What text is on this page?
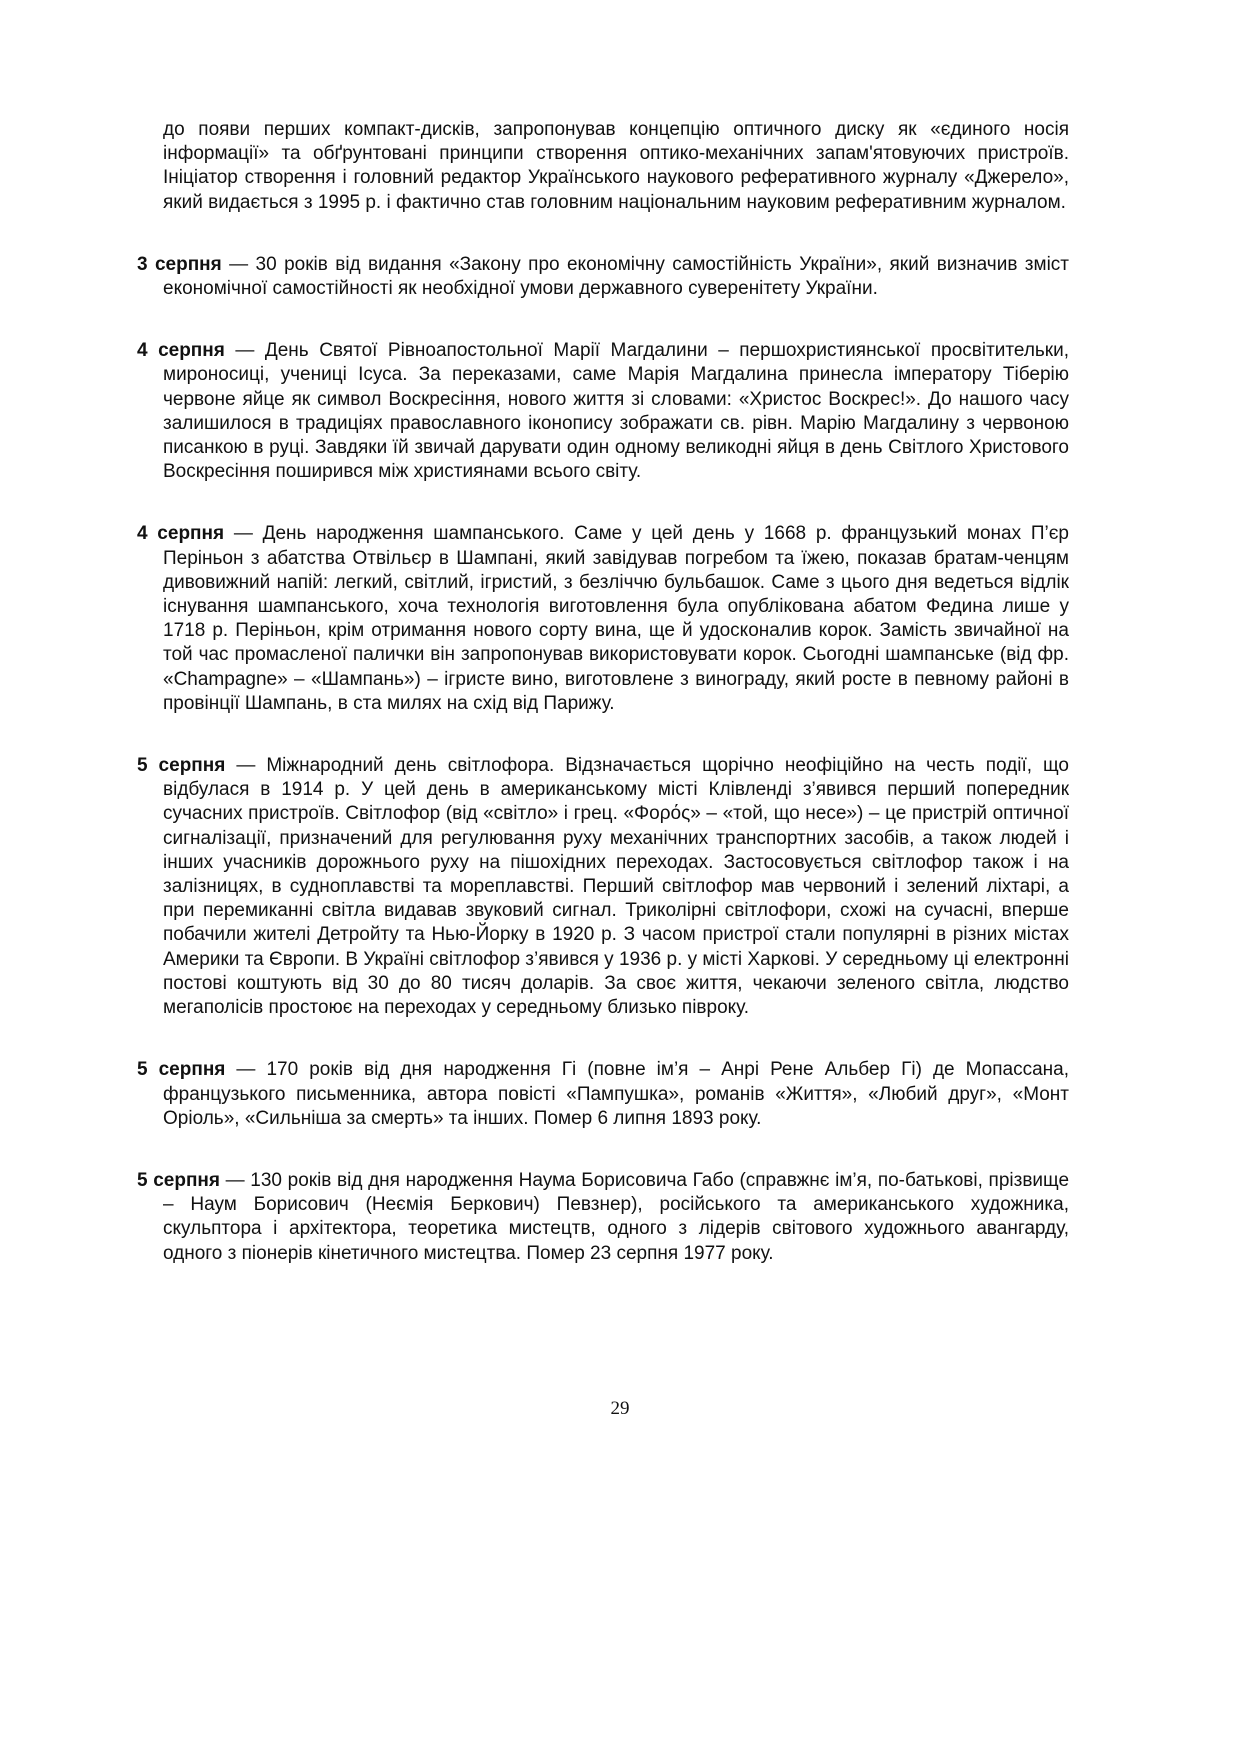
до появи перших компакт-дисків, запропонував концепцію оптичного диску як «єдиного носія інформації» та обґрунтовані принципи створення оптико-механічних запам'ятовуючих пристроїв. Ініціатор створення і головний редактор Українського наукового реферативного журналу «Джерело», який видається з 1995 р. і фактично став головним національним науковим реферативним журналом.

3 серпня — 30 років від видання «Закону про економічну самостійність України», який визначив зміст економічної самостійності як необхідної умови державного суверенітету України.

4 серпня — День Святої Рівноапостольної Марії Магдалини – першохристиянської просвітительки, мироносиці, учениці Ісуса. За переказами, саме Марія Магдалина принесла імператору Тіберію червоне яйце як символ Воскресіння, нового життя зі словами: «Христос Воскрес!». До нашого часу залишилося в традиціях православного іконопису зображати св. рівн. Марію Магдалину з червоною писанкою в руці. Завдяки їй звичай дарувати один одному великодні яйця в день Світлого Христового Воскресіння поширився між християнами всього світу.

4 серпня — День народження шампанського. Саме у цей день у 1668 р. французький монах П’єр Періньон з абатства Отвільєр в Шампані, який завідував погребом та їжею, показав братам-ченцям дивовижний напій: легкий, світлий, ігристий, з безліччю бульбашок. Саме з цього дня ведеться відлік існування шампанського, хоча технологія виготовлення була опублікована абатом Федина лише у 1718 р. Періньон, крім отримання нового сорту вина, ще й удосконалив корок. Замість звичайної на той час промасленої палички він запропонував використовувати корок. Сьогодні шампанське (від фр. «Champagne» – «Шампань») – ігристе вино, виготовлене з винограду, який росте в певному районі в провінції Шампань, в ста милях на схід від Парижу.

5 серпня — Міжнародний день світлофора. Відзначається щорічно неофіційно на честь події, що відбулася в 1914 р. У цей день в американському місті Клівленді з’явився перший попередник сучасних пристроїв. Світлофор (від «світло» і грец. «Φορός» – «той, що несе») – це пристрій оптичної сигналізації, призначений для регулювання руху механічних транспортних засобів, а також людей і інших учасників дорожнього руху на пішохідних переходах. Застосовується світлофор також і на залізницях, в судноплавстві та мореплавстві. Перший світлофор мав червоний і зелений ліхтарі, а при перемиканні світла видавав звуковий сигнал. Триколірні світлофори, схожі на сучасні, вперше побачили жителі Детройту та Нью-Йорку в 1920 р. З часом пристрої стали популярні в різних містах Америки та Європи. В Україні світлофор з’явився у 1936 р. у місті Харкові. У середньому ці електронні постові коштують від 30 до 80 тисяч доларів. За своє життя, чекаючи зеленого світла, людство мегаполісів простоює на переходах у середньому близько півроку.

5 серпня — 170 років від дня народження Гі (повне ім’я – Анрі Рене Альбер Гі) де Мопассана, французького письменника, автора повісті «Пампушка», романів «Життя», «Любий друг», «Монт Оріоль», «Сильніша за смерть» та інших. Помер 6 липня 1893 року.

5 серпня — 130 років від дня народження Наума Борисовича Габо (справжнє ім’я, по-батькові, прізвище – Наум Борисович (Неємія Беркович) Певзнер), російського та американського художника, скульптора і архітектора, теоретика мистецтв, одного з лідерів світового художнього авангарду, одного з піонерів кінетичного мистецтва. Помер 23 серпня 1977 року.

29
